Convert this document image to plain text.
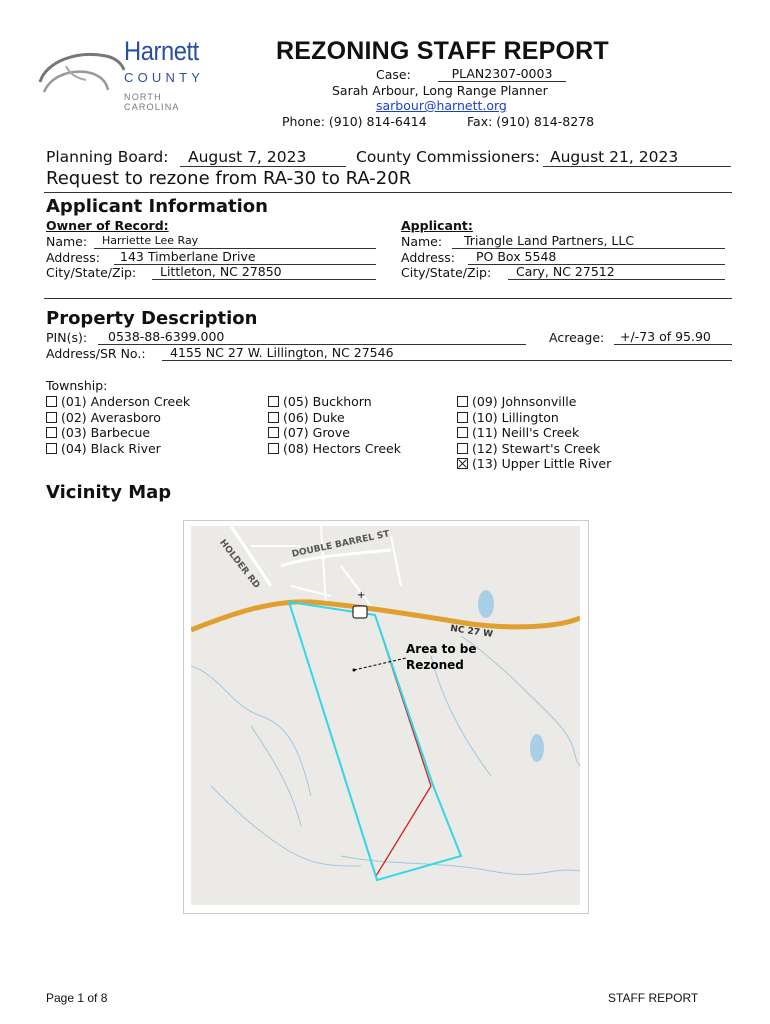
Harnett
COUNTY
NORTH CAROLINA
REZONING STAFF REPORT
Case:	PLAN2307-0003
Sarah Arbour, Long Range Planner
sarbour@harnett.org
Phone: (910) 814-6414	Fax: (910) 814-8278
Planning Board:	August 7, 2023	County Commissioners: August 21, 2023
Request to rezone from RA-30 to RA-20R
Applicant Information
Owner of Record:
Name:	Harriette Lee Ray
Address:	143 Timberlane Drive
City/State/Zip:	Littleton, NC 27850
Applicant:
Name:	Triangle Land Partners, LLC
Address:	PO Box 5548
City/State/Zip:	Cary, NC 27512
Property Description
PIN(s):	0538-88-6399.000	Acreage:	+/-73 of 95.90
Address/SR No.:	4155 NC 27 W. Lillington, NC 27546
Township:
(01) Anderson Creek
(02) Averasboro
(03) Barbecue
(04) Black River
(05) Buckhorn
(06) Duke
(07) Grove
(08) Hectors Creek
(09) Johnsonville
(10) Lillington
(11) Neill's Creek
(12) Stewart's Creek
(13) Upper Little River
Vicinity Map
+
HOLDER RD	DOUBLE BARREL ST
NC 27 W
Area to be
Rezoned
Page 1 of 8	STAFF REPORT
